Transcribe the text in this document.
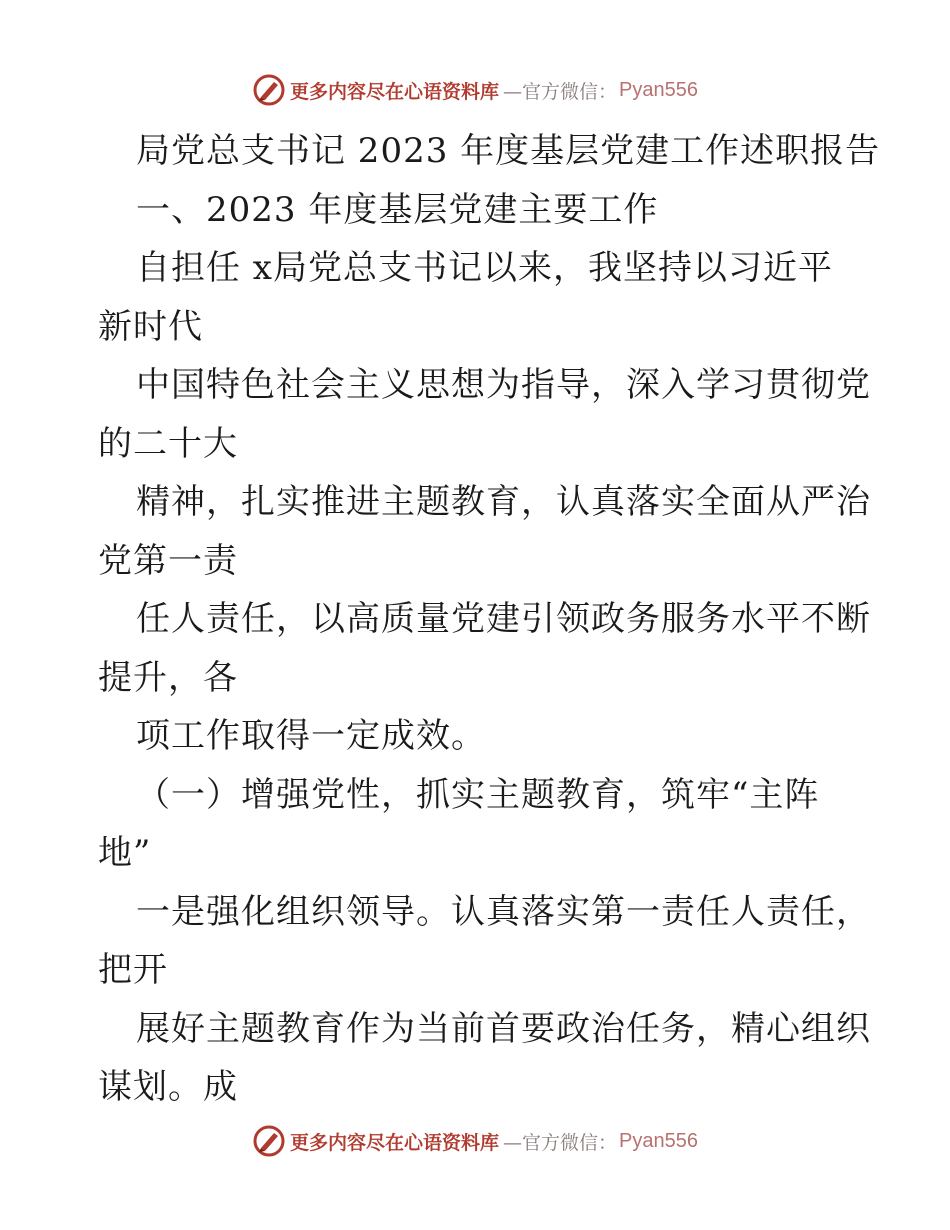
更多内容尽在心语资料库 —官方微信： Pyan556
局党总支书记 2023 年度基层党建工作述职报告
一、2023 年度基层党建主要工作
自担任 x局党总支书记以来，我坚持以习近平
新时代
中国特色社会主义思想为指导，深入学习贯彻党
的二十大
精神，扎实推进主题教育，认真落实全面从严治
党第一责
任人责任，以高质量党建引领政务服务水平不断
提升，各
项工作取得一定成效。
（一）增强党性，抓实主题教育，筑牢“主阵
地”
一是强化组织领导。认真落实第一责任人责任，
把开
展好主题教育作为当前首要政治任务，精心组织
谋划。成
更多内容尽在心语资料库 —官方微信： Pyan556
